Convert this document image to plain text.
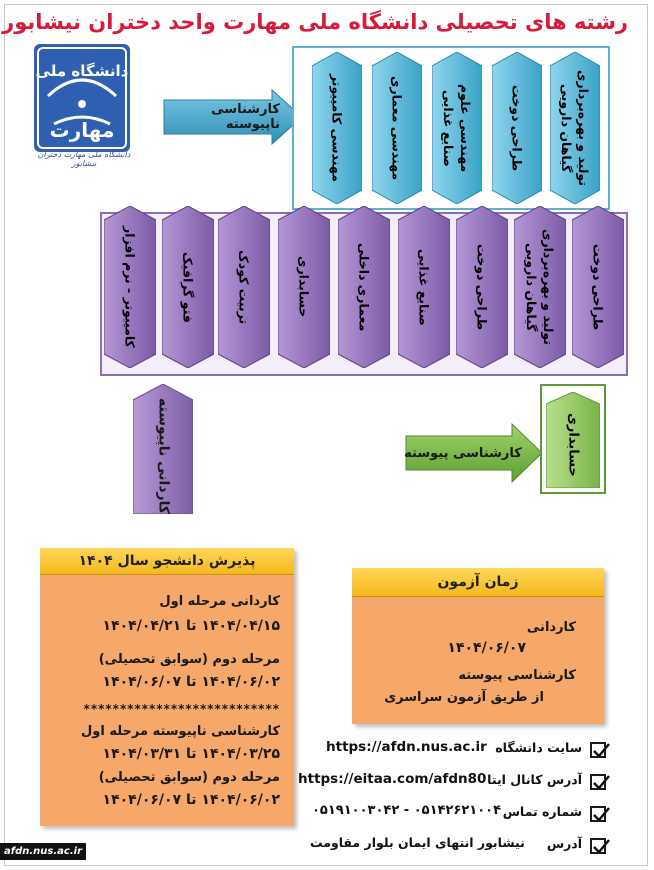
رشته های تحصیلی دانشگاه ملی مهارت واحد دختران نیشابور
دانشگاه ملی
مهارت
دانشگاه ملی مهارت دختران نیشابور
کارشناسی ناپیوسته	مهندسی کامپیوتر	مهندسی معماری	مهندسی علوم
صنایع غذایی	طراحی دوخت
تولید و بهره‌برداری
گیاهان دارویی
کامپیوتر - نرم افزار	فتو گرافیک	تربیت کودک	حسابداری	معماری داخلی	صنایع غذایی	طراحی دوخت
تولید و بهره‌برداری
گیاهان دارویی	طراحی دوخت
کاردانی ناپیوسته	کارشناسی پیوسته	حسابداری
پذیرش دانشجو سال ۱۴۰۴
کاردانی مرحله اول
۱۴۰۴/۰۴/۱۵ تا ۱۴۰۴/۰۴/۲۱
مرحله دوم (سوابق تحصیلی)
۱۴۰۴/۰۶/۰۲ تا ۱۴۰۴/۰۶/۰۷
***************************
کارشناسی ناپیوسته مرحله اول
۱۴۰۴/۰۳/۲۵ تا ۱۴۰۴/۰۳/۳۱
مرحله دوم (سوابق تحصیلی)
۱۴۰۴/۰۶/۰۲ تا ۱۴۰۴/۰۶/۰۷
زمان آزمون
کاردانی
۱۴۰۴/۰۶/۰۷
کارشناسی پیوسته
از طریق آزمون سراسری
سایت دانشگاه
https://afdn.nus.ac.ir
آدرس کانال ایتا
https://eitaa.com/afdn80
شماره تماس
۰۵۱۴۲۶۲۱۰۰۴ - ۰۵۱۹۱۰۰۳۰۴۲
آدرس
نیشابور انتهای ایمان بلوار مقاومت
afdn.nus.ac.ir
